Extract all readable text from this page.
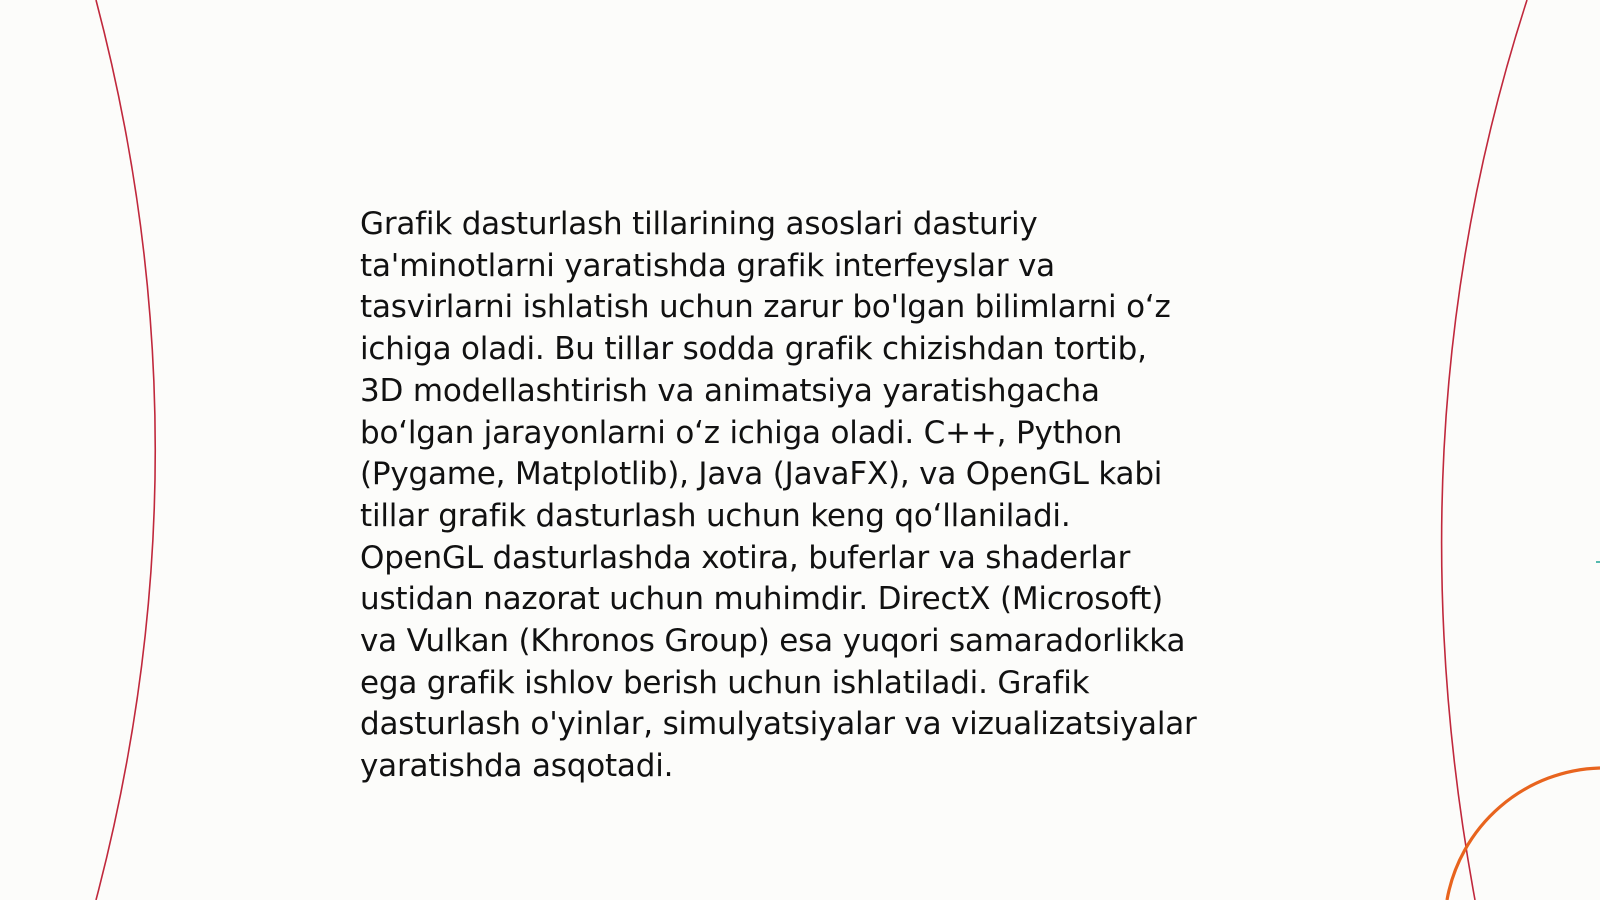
Grafik dasturlash tillarining asoslari dasturiy
ta'minotlarni yaratishda grafik interfeyslar va
tasvirlarni ishlatish uchun zarur bo'lgan bilimlarni o‘z
ichiga oladi. Bu tillar sodda grafik chizishdan tortib,
3D modellashtirish va animatsiya yaratishgacha
bo‘lgan jarayonlarni o‘z ichiga oladi. C++, Python
(Pygame, Matplotlib), Java (JavaFX), va OpenGL kabi
tillar grafik dasturlash uchun keng qo‘llaniladi.
OpenGL dasturlashda xotira, buferlar va shaderlar
ustidan nazorat uchun muhimdir. DirectX (Microsoft)
va Vulkan (Khronos Group) esa yuqori samaradorlikka
ega grafik ishlov berish uchun ishlatiladi. Grafik
dasturlash o'yinlar, simulyatsiyalar va vizualizatsiyalar
yaratishda asqotadi.
